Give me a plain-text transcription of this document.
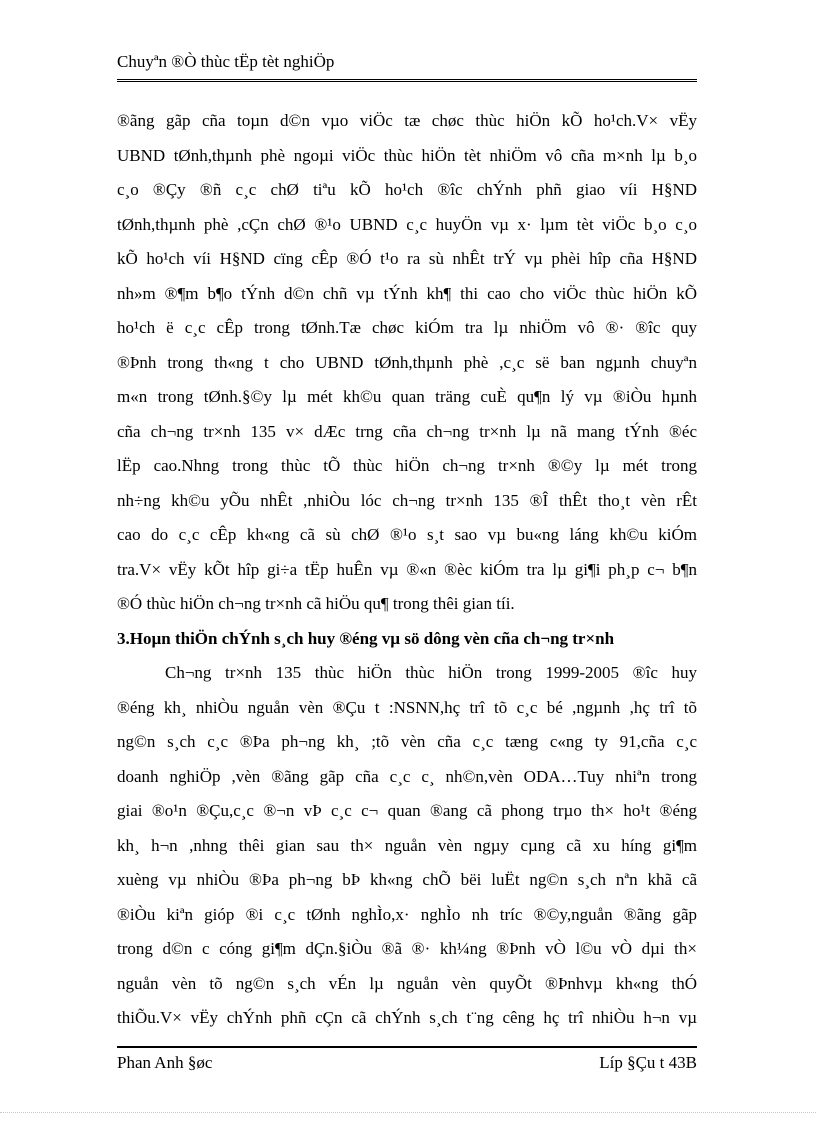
Chuyªn ®Ò thùc tËp tèt nghiÖp
®ãng gãp cña toµn d©n vµo viÖc tæ chøc thùc hiÖn kÕ ho¹ch.V× vËy
UBND tØnh,thµnh phè ngoµi viÖc thùc hiÖn tèt nhiÖm vô cña m×nh lµ b¸o
c¸o ®Çy ®ñ c¸c chØ tiªu kÕ ho¹ch ®îc chÝnh phñ giao víi H§ND
tØnh,thµnh phè ,cÇn chØ ®¹o UBND c¸c huyÖn vµ x· lµm tèt viÖc b¸o c¸o
kÕ ho¹ch víi H§ND cïng cÊp ®Ó t¹o ra sù nhÊt trÝ vµ phèi hîp cña H§ND
nh»m ®¶m b¶o tÝnh d©n chñ vµ tÝnh kh¶ thi cao cho viÖc thùc hiÖn kÕ
ho¹ch ë c¸c cÊp trong tØnh.Tæ chøc kiÓm tra lµ nhiÖm vô ®· ®îc quy
®Þnh trong th«ng t cho UBND tØnh,thµnh phè ,c¸c së ban ngµnh chuyªn
m«n trong tØnh.§©y lµ mét kh©u quan träng cuÈ qu¶n lý vµ ®iÒu hµnh
cña ch¬ng tr×nh 135 v× dÆc trng cña ch¬ng tr×nh lµ nã mang tÝnh ®éc
lËp cao.Nhng trong thùc tÕ thùc hiÖn ch¬ng tr×nh ®©y lµ mét trong
nh÷ng kh©u yÕu nhÊt ,nhiÒu lóc ch¬ng tr×nh 135 ®Î thÊt tho¸t vèn rÊt
cao do c¸c cÊp kh«ng cã sù chØ ®¹o s¸t sao vµ bu«ng láng kh©u kiÓm
tra.V× vËy kÕt hîp gi÷a tËp huÊn vµ ®«n ®èc kiÓm tra lµ gi¶i ph¸p c¬ b¶n
®Ó thùc hiÖn ch¬ng tr×nh cã hiÖu qu¶ trong thêi gian tíi.
3.Hoµn thiÖn chÝnh s¸ch huy ®éng vµ sö dông vèn cña ch¬ng tr×nh
Ch¬ng tr×nh 135 thùc hiÖn thùc hiÖn trong 1999-2005 ®îc huy
®éng kh¸ nhiÒu nguån vèn ®Çu t :NSNN,hç trî tõ c¸c bé ,ngµnh ,hç trî tõ
ng©n s¸ch c¸c ®Þa ph¬ng kh¸ ;tõ vèn cña c¸c tæng c«ng ty 91,cña c¸c
doanh nghiÖp ,vèn ®ãng gãp cña c¸c c¸ nh©n,vèn ODA…Tuy nhiªn trong
giai ®o¹n ®Çu,c¸c ®¬n vÞ c¸c c¬ quan ®ang cã phong trµo th× ho¹t ®éng
kh¸ h¬n ,nhng thêi gian sau th× nguån vèn ngµy cµng cã xu híng gi¶m
xuèng vµ nhiÒu ®Þa ph¬ng bÞ kh«ng chÕ bëi luËt ng©n s¸ch nªn khã cã
®iÒu kiªn gióp ®i c¸c tØnh nghÌo,x· nghÌo nh tríc ®©y,nguån ®ãng gãp
trong d©n c cóng gi¶m dÇn.§iÒu ®ã ®· kh¼ng ®Þnh vÒ l©u vÒ dµi th×
nguån vèn tõ ng©n s¸ch vÉn lµ nguån vèn quyÕt ®Þnhvµ kh«ng thÓ
thiÕu.V× vËy chÝnh phñ cÇn cã chÝnh s¸ch t¨ng cêng hç trî nhiÒu h¬n vµ
Phan Anh §øc	Líp §Çu t 43B
